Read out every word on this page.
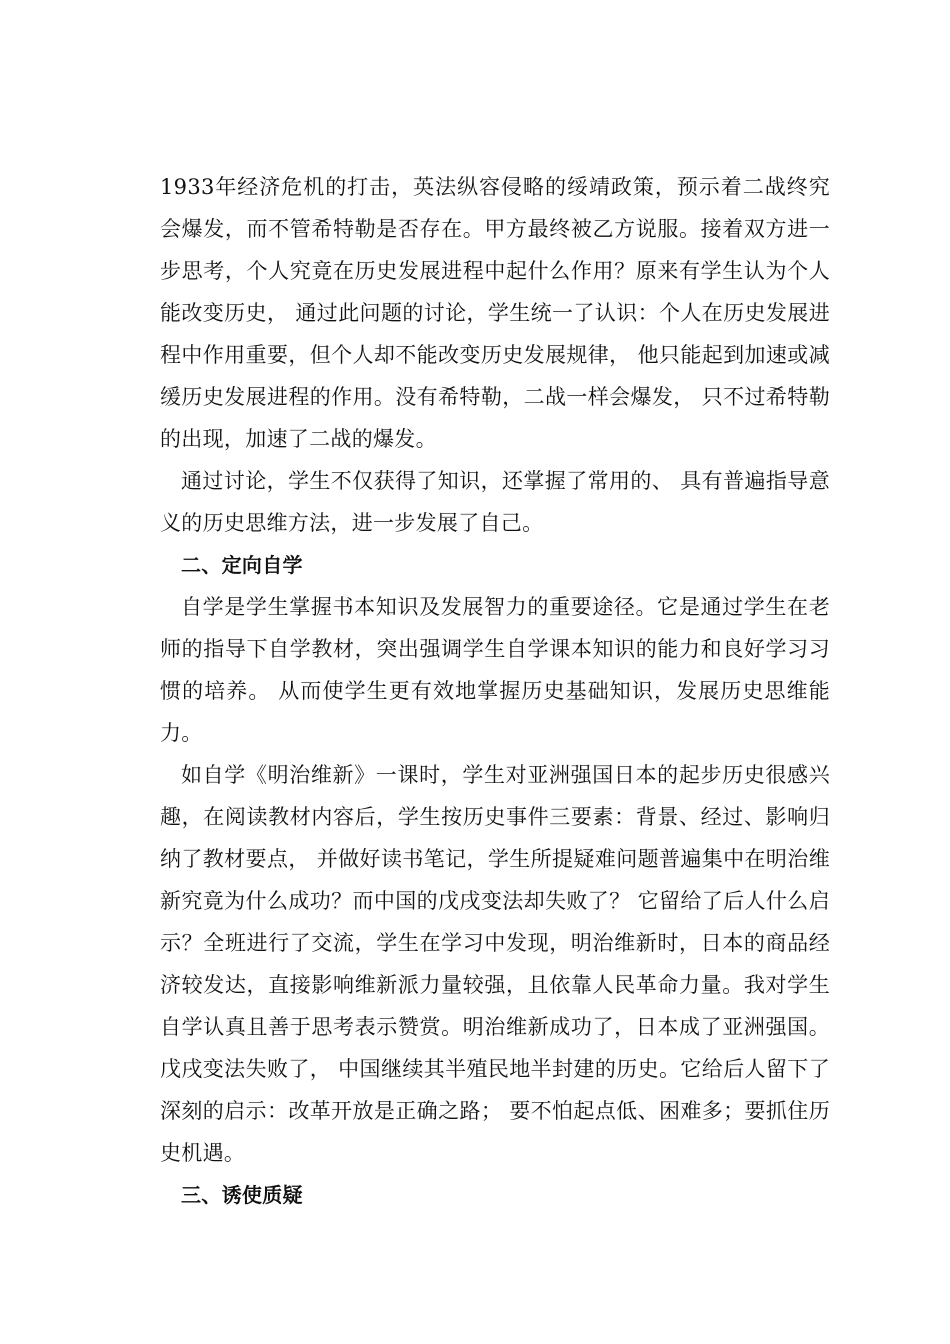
1933年经济危机的打击，英法纵容侵略的绥靖政策，预示着二战终究会爆发，而不管希特勒是否存在。甲方最终被乙方说服。接着双方进一步思考，个人究竟在历史发展进程中起什么作用？原来有学生认为个人能改变历史， 通过此问题的讨论，学生统一了认识：个人在历史发展进程中作用重要，但个人却不能改变历史发展规律， 他只能起到加速或减缓历史发展进程的作用。没有希特勒，二战一样会爆发， 只不过希特勒的出现，加速了二战的爆发。

通过讨论，学生不仅获得了知识，还掌握了常用的、 具有普遍指导意义的历史思维方法，进一步发展了自己。

二、定向自学

自学是学生掌握书本知识及发展智力的重要途径。它是通过学生在老师的指导下自学教材，突出强调学生自学课本知识的能力和良好学习习惯的培养。 从而使学生更有效地掌握历史基础知识，发展历史思维能力。

如自学《明治维新》一课时，学生对亚洲强国日本的起步历史很感兴趣，在阅读教材内容后，学生按历史事件三要素：背景、经过、影响归纳了教材要点， 并做好读书笔记，学生所提疑难问题普遍集中在明治维新究竟为什么成功？而中国的戊戌变法却失败了？ 它留给了后人什么启示？全班进行了交流，学生在学习中发现，明治维新时，日本的商品经济较发达，直接影响维新派力量较强，且依靠人民革命力量。我对学生自学认真且善于思考表示赞赏。明治维新成功了，日本成了亚洲强国。戊戌变法失败了， 中国继续其半殖民地半封建的历史。它给后人留下了深刻的启示：改革开放是正确之路； 要不怕起点低、困难多；要抓住历史机遇。

三、诱使质疑
